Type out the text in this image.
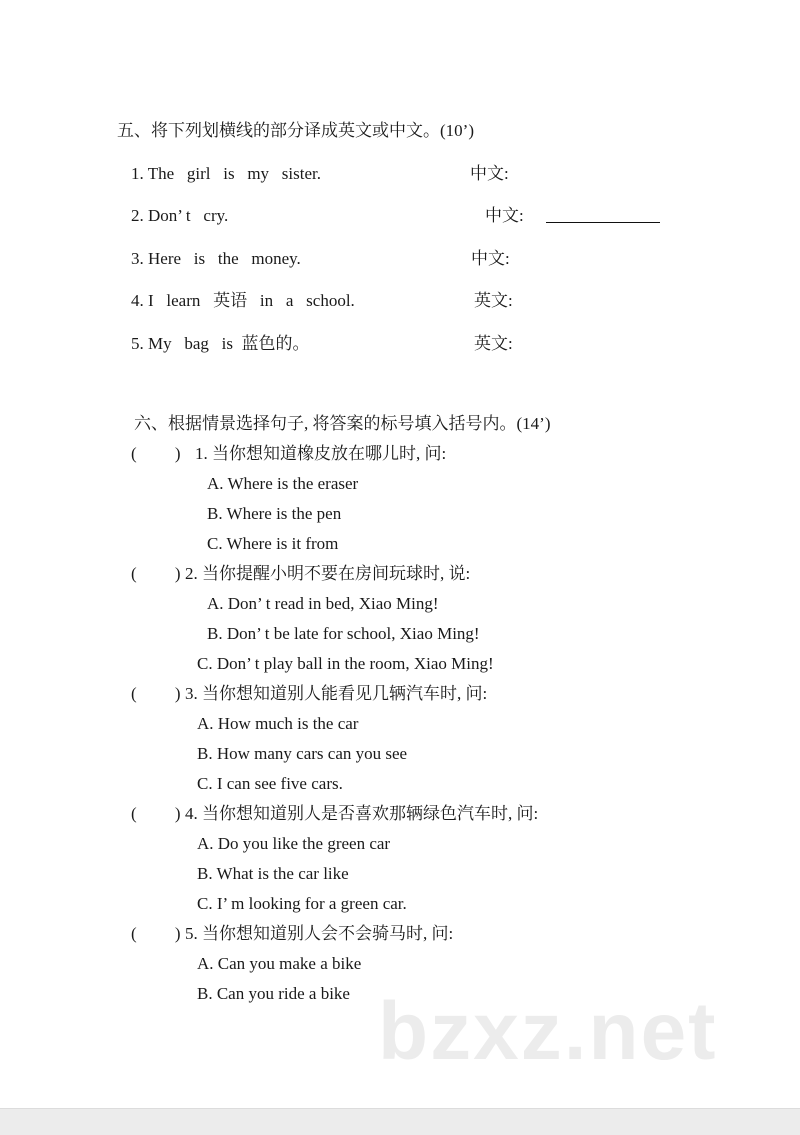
五、将下列划横线的部分译成英文或中文。(10’)
1. The   girl   is   my   sister.	中文:
2. Don’ t   cry.	中文:
3. Here   is   the   money.	中文:
4. I   learn   英语   in   a   school.	英文:
5. My   bag   is  蓝色的。	英文:
六、根据情景选择句子, 将答案的标号填入括号内。(14’)
(         ) 1. 当你想知道橡皮放在哪儿时, 问:
A. Where is the eraser
B. Where is the pen
C. Where is it from
(         ) 2. 当你提醒小明不要在房间玩球时, 说:
A. Don’ t read in bed, Xiao Ming!
B. Don’ t be late for school, Xiao Ming!
C. Don’ t play ball in the room, Xiao Ming!
(         ) 3. 当你想知道别人能看见几辆汽车时, 问:
A. How much is the car
B. How many cars can you see
C. I can see five cars.
(         ) 4. 当你想知道别人是否喜欢那辆绿色汽车时, 问:
A. Do you like the green car
B. What is the car like
C. I’ m looking for a green car.
(         ) 5. 当你想知道别人会不会骑马时, 问:
A. Can you make a bike
B. Can you ride a bike bzxz.net
